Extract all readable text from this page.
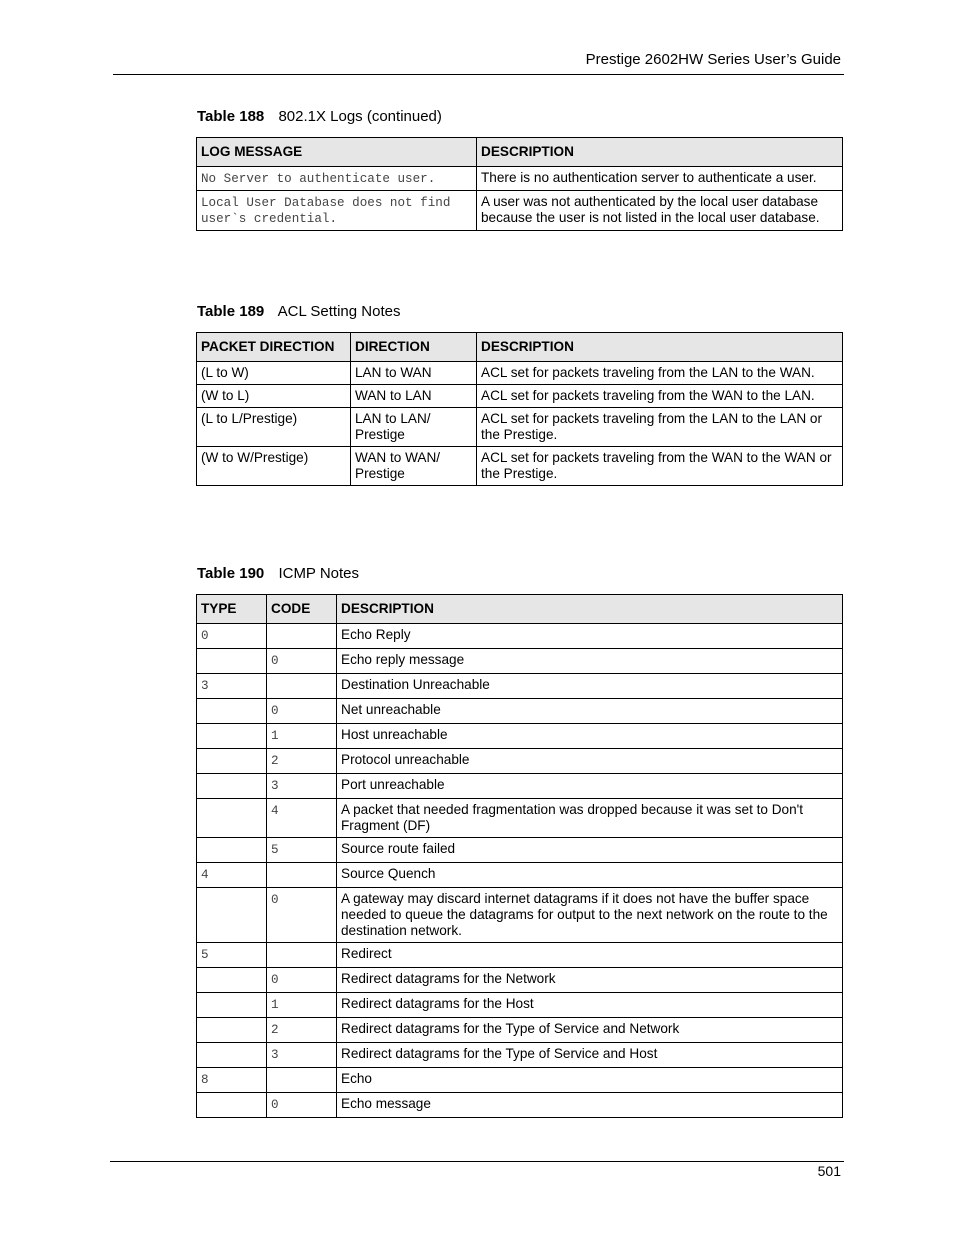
Prestige 2602HW Series User’s Guide
Table 188 802.1X Logs (continued)
LOG MESSAGE	DESCRIPTION
No Server to authenticate user.	There is no authentication server to authenticate a user.
Local User Database does not find user`s credential.	A user was not authenticated by the local user database because the user is not listed in the local user database.
Table 189 ACL Setting Notes
PACKET DIRECTION	DIRECTION	DESCRIPTION
(L to W)	LAN to WAN	ACL set for packets traveling from the LAN to the WAN.
(W to L)	WAN to LAN	ACL set for packets traveling from the WAN to the LAN.
(L to L/Prestige)	LAN to LAN/ Prestige	ACL set for packets traveling from the LAN to the LAN or the Prestige.
(W to W/Prestige)	WAN to WAN/ Prestige	ACL set for packets traveling from the WAN to the WAN or the Prestige.
Table 190 ICMP Notes
TYPE	CODE	DESCRIPTION
0		Echo Reply
	0	Echo reply message
3		Destination Unreachable
	0	Net unreachable
	1	Host unreachable
	2	Protocol unreachable
	3	Port unreachable
	4	A packet that needed fragmentation was dropped because it was set to Don't Fragment (DF)
	5	Source route failed
4		Source Quench
	0	A gateway may discard internet datagrams if it does not have the buffer space needed to queue the datagrams for output to the next network on the route to the destination network.
5		Redirect
	0	Redirect datagrams for the Network
	1	Redirect datagrams for the Host
	2	Redirect datagrams for the Type of Service and Network
	3	Redirect datagrams for the Type of Service and Host
8		Echo
	0	Echo message
501
